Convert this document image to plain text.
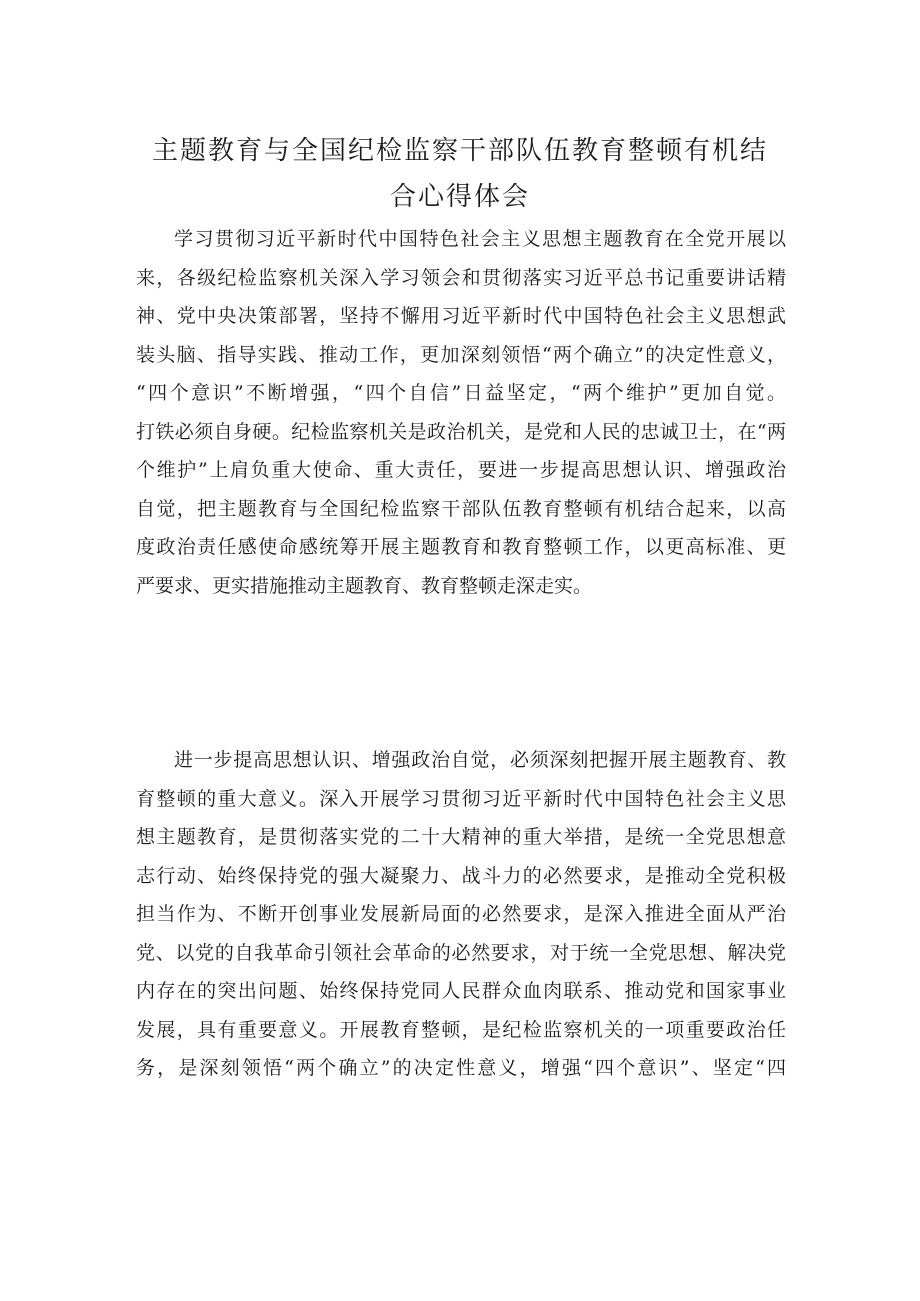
主题教育与全国纪检监察干部队伍教育整顿有机结
合心得体会
学习贯彻习近平新时代中国特色社会主义思想主题教育在全党开展以
来，各级纪检监察机关深入学习领会和贯彻落实习近平总书记重要讲话精
神、党中央决策部署，坚持不懈用习近平新时代中国特色社会主义思想武
装头脑、指导实践、推动工作，更加深刻领悟“两个确立”的决定性意义，
“四个意识”不断增强，“四个自信”日益坚定，“两个维护”更加自觉。
打铁必须自身硬。纪检监察机关是政治机关，是党和人民的忠诚卫士，在“两
个维护”上肩负重大使命、重大责任，要进一步提高思想认识、增强政治
自觉，把主题教育与全国纪检监察干部队伍教育整顿有机结合起来，以高
度政治责任感使命感统筹开展主题教育和教育整顿工作，以更高标准、更
严要求、更实措施推动主题教育、教育整顿走深走实。
进一步提高思想认识、增强政治自觉，必须深刻把握开展主题教育、教
育整顿的重大意义。深入开展学习贯彻习近平新时代中国特色社会主义思
想主题教育，是贯彻落实党的二十大精神的重大举措，是统一全党思想意
志行动、始终保持党的强大凝聚力、战斗力的必然要求，是推动全党积极
担当作为、不断开创事业发展新局面的必然要求，是深入推进全面从严治
党、以党的自我革命引领社会革命的必然要求，对于统一全党思想、解决党
内存在的突出问题、始终保持党同人民群众血肉联系、推动党和国家事业
发展，具有重要意义。开展教育整顿，是纪检监察机关的一项重要政治任
务，是深刻领悟“两个确立”的决定性意义，增强“四个意识”、坚定“四
